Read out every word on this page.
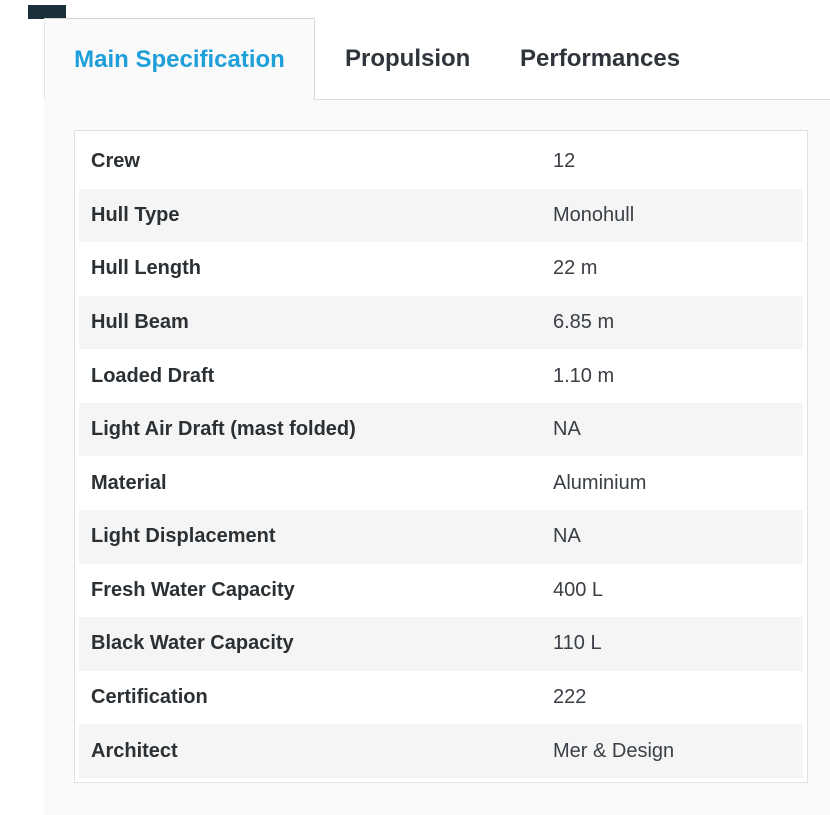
Main Specification	Propulsion Performances
Crew	12
Hull Type	Monohull
Hull Length	22 m
Hull Beam	6.85 m
Loaded Draft	1.10 m
Light Air Draft (mast folded)	NA
Material	Aluminium
Light Displacement	NA
Fresh Water Capacity	400 L
Black Water Capacity	110 L
Certification	222
Architect	Mer & Design
